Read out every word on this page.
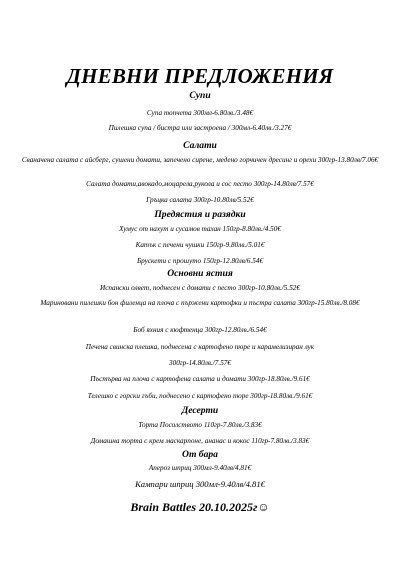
ДНЕВНИ ПРЕДЛОЖЕНИЯ
Супи
Супа топчета 300мл-6.80лв./3.48€
Пилешка супа / бистра или застроена / 300мл-6.40лв./3.27€
Салати
Сваначена салата с айсберг, сушени домати, запечено сирене, медено горчичен дресинг и орехи 300гр-13.80лв/7.06€
Салата домати,авокадо,моцарела,рукола и сос песто 300гр-14.80лв/7.57€
Гръцка салата 300гр-10.80лв/5.52€
Предястия и разядки
Хумус от нахут и сусамов тахан 150гр-8.80лв./4.50€
Катък с печени чушки 150гр-9.80лв./5.01€
Брускети с прошуто 150гр-12.80лв/6.54€
Основни ястия
Испански олвет, поднесен с домати с песто 300гр-10.80лв./5.52€
Мариновани пилешки бон филенца на плоча с пържени картофки и пъстра салата 300гр-15.80лв./8.08€
Боб яхния с кюфтенца 300гр-12.80лв./6.54€
Печена свинска плешка, поднесена с картофено пюре и карамелизиран лук
300гр-14.80лв./7.57€
Пъстърва на плоча с картофена салата и домати 300гр-18.80лв./9.61€
Телешко с горски гъби, поднесено с картофено пюре 300гр-18.80лв./9.61€
Десерти
Торта Посолството 110гр-7.80лв./3.83€
Домашна торта с крем маскарпоне, ананас и кокос 110гр-7.80лв./3.83€
От бара
Апероз шприц 300мл-9.40лв/4.81€
Кампари шприц 300мл-9.40лв/4.81€
Brain Battles 20.10.2025г☺
